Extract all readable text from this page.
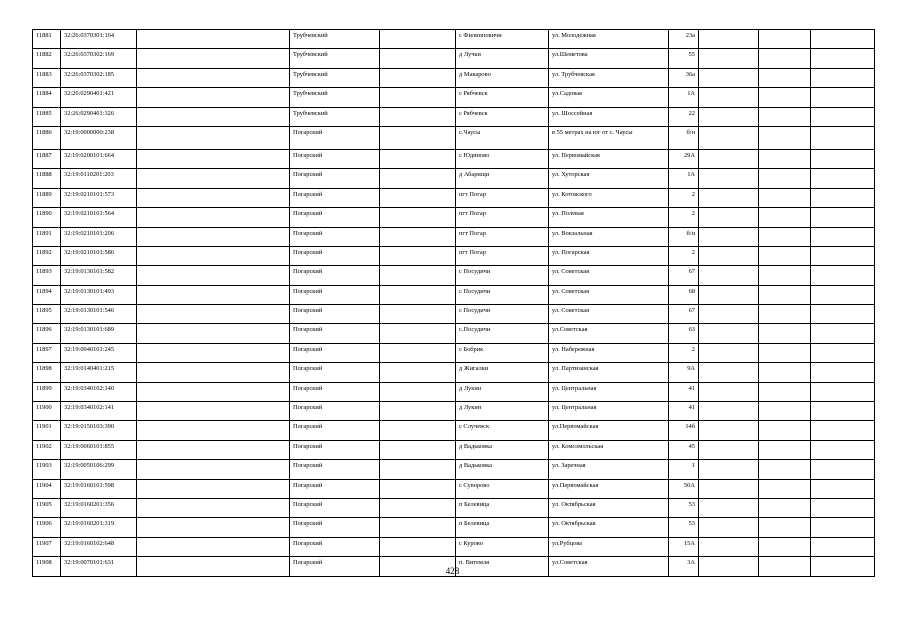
11881	32:26:0370301:164		Трубчевский		с Филипповичи	ул. Молодежная	23а			
11882	32:26:0370302:169		Трубчевский		д Лучки	ул.Шеметова	55			
11883	32:26:0370302:185		Трубчевский		д Макарово	ул. Трубчевская	36а			
11884	32:26:0290401:421		Трубчевский		с Рябчевск	ул.Садовая	1А			
11885	32:26:0290401:326		Трубчевский		с Рябчевск	ул. Шоссейная	22			
11886	32:19:0000000:238		Погарский		с.Чаусы	в 55 метрах на юг от с. Чаусы	б/н			
11887	32:19:0200101:664		Погарский		с Юдиново	ул. Первомайская	29А			
11888	32:19:0110201:203		Погарский		д Абарищи	ул. Хуторская	1А			
11889	32:19:0210101:573		Погарский		пгт Погар	ул. Котовского	2			
11890	32:19:0210101:564		Погарский		пгт Погар	ул. Полевая	2			
11891	32:19:0210101:206		Погарский		пгт Погар	ул. Вокзальная	б/н			
11892	32:19:0210101:586		Погарский		пгт Погар	ул. Погарская	2			
11893	32:19:0130101:582		Погарский		с Посудичи	ул. Советская	67			
11894	32:19:0130101:493		Погарский		с Посудичи	ул. Советская	68			
11895	32:19:0130101:546		Погарский		с Посудичи	ул. Советская	67			
11896	32:19:0130101:689		Погарский		с.Посудичи	ул.Советская	63			
11897	32:19:0040101:245		Погарский		с Бобрик	ул. Набережная	2			
11898	32:19:0140401:215		Погарский		д Жигалки	ул. Партизанская	9А			
11899	32:19:0340102:140		Погарский		д Лукин	ул. Центральная	41			
11900	32:19:0340102:141		Погарский		д Лукин	ул. Центральная	41			
11901	32:19:0150103:390		Погарский		с Случевск	ул.Первомайская	14б			
11902	32:19:0060101:855		Погарский		д Вадьковка	ул. Комсомольская	45			
11903	32:19:0050106:299		Погарский		д Вадьковка	ул. Заречная	1			
11904	32:19:0160101:598		Погарский		с Суворово	ул.Первомайская	50А			
11905	32:19:0160201:356		Погарский		п Белевица	ул. Октябрьская	53			
11906	32:19:0160201:319		Погарский		п Белевица	ул. Октябрьская	53			
11907	32:19:0160102:648		Погарский		с Курово	ул.Рубцова	15А			
11908	32:19:0070101:631		Погарский		п. Витемля	ул.Советская	3А			
428
